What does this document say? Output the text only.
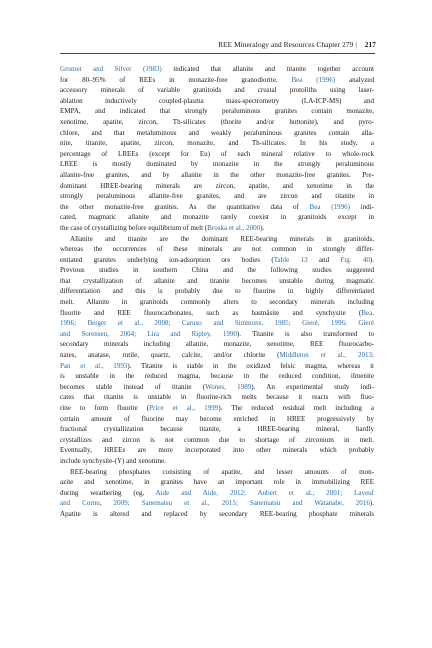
REE Mineralogy and Resources Chapter 279 | 217
Gromet and Silver (1983) indicated that allanite and titanite together account
for 80–95% of REEs in monazite-free granodiorite. Bea (1996) analyzed
accessory minerals of variable granitoids and crustal protoliths using laser-
ablation inductively coupled-plasma mass-spectrometry (LA-ICP-MS) and
EMPA, and indicated that strongly peraluminous granites contain monazite,
xenotime, apatite, zircon, Th-silicates (thorite and/or huttonite), and pyro-
chlore, and that metaluminous and weakly peraluminous granites contain alla-
nite, titanite, apatite, zircon, monazite, and Th-silicates. In his study, a
percentage of LREEs (except for Eu) of each mineral relative to whole-rock
LREE is mostly dominated by monazite in the strongly peraluminous
allanite-free granites, and by allanite in the other monazite-free granites. Pre-
dominant HREE-bearing minerals are zircon, apatite, and xenotime in the
strongly peraluminous allanite-free granites, and are zircon and titanite in
the other monazite-free granites. As the quantitative data of Bea (1996) indi-
cated, magmatic allanite and monazite rarely coexist in granitoids except in
the case of crystallizing before equilibrium of melt (Broska et al., 2000).
Allanite and titanite are the dominant REE-bearing minerals in granitoids,
whereas the occurrences of these minerals are not common in strongly differ-
entiated granites underlying ion-adsorption ore bodies (Table 13 and Fig. 40).
Previous studies in southern China and the following studies suggested
that crystallization of allanite and titanite becomes unstable during magmatic
differentiation and this is probably due to fluorine in highly differentiated
melt. Allanite in granitoids commonly alters to secondary minerals including
fluorite and REE fluorocarbonates, such as bastnäsite and synchysite (Bea,
1996; Berger et al., 2008; Caruso and Simmons, 1985; Gieré, 1996; Gieré
and Sorensen, 2004; Lira and Ripley, 1990). Titanite is also transformed to
secondary minerals including allanite, monazite, xenotime, REE fluorocarbo-
nates, anatase, rutile, quartz, calcite, and/or chlorite (Middleton et al., 2013;
Pan et al., 1993). Titanite is stable in the oxidized felsic magma, whereas it
is unstable in the reduced magma, because in the reduced condition, ilmenite
becomes stable instead of titanite (Wones, 1989). An experimental study indi-
cates that titanite is unstable in fluorine-rich melts because it reacts with fluo-
rine to form fluorite (Price et al., 1999). The reduced residual melt including a
certain amount of fluorine may become enriched in HREE progressively by
fractional crystallization because titanite, a HREE-bearing mineral, hardly
crystallizes and zircon is not common due to shortage of zirconium in melt.
Eventually, HREEs are more incorporated into other minerals which probably
include synchysite-(Y) and xenotime.
REE-bearing phosphates consisting of apatite, and lesser amounts of mon-
azite and xenotime, in granites have an important role in immobilizing REE
during weathering (eg, Aide and Aide, 2012; Aubert et al., 2001; Laveuf
and Cornu, 2009; Sanematsu et al., 2015; Sanematsu and Watanabe, 2016).
Apatite is altered and replaced by secondary REE-bearing phosphate minerals
